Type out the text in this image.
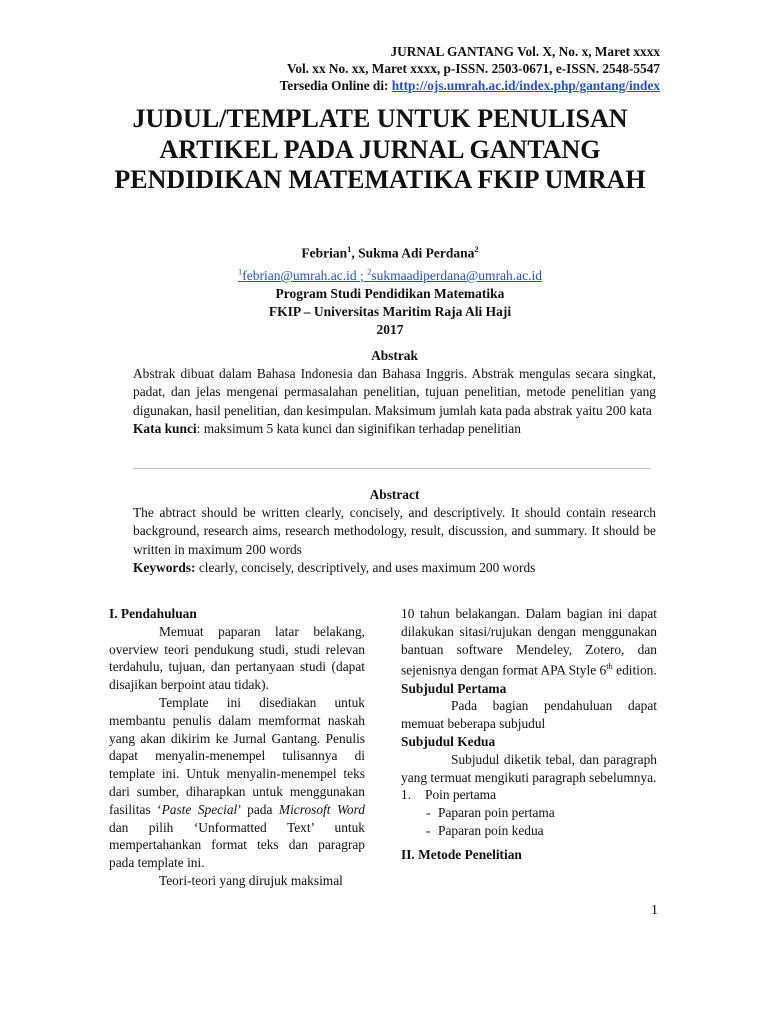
JURNAL GANTANG Vol. X, No. x, Maret xxxx
Vol. xx No. xx, Maret xxxx, p-ISSN. 2503-0671, e-ISSN. 2548-5547
Tersedia Online di: http://ojs.umrah.ac.id/index.php/gantang/index
JUDUL/TEMPLATE UNTUK PENULISAN ARTIKEL PADA JURNAL GANTANG PENDIDIKAN MATEMATIKA FKIP UMRAH
Febrian$^1$, Sukma Adi Perdana$^2$
$^1$febrian@umrah.ac.id ; $^2$sukmaadiperdana@umrah.ac.id
Program Studi Pendidikan Matematika
FKIP – Universitas Maritim Raja Ali Haji
2017
Abstrak
Abstrak dibuat dalam Bahasa Indonesia dan Bahasa Inggris. Abstrak mengulas secara singkat, padat, dan jelas mengenai permasalahan penelitian, tujuan penelitian, metode penelitian yang digunakan, hasil penelitian, dan kesimpulan. Maksimum jumlah kata pada abstrak yaitu 200 kata
Kata kunci: maksimum 5 kata kunci dan siginifikan terhadap penelitian
Abstract
The abtract should be written clearly, concisely, and descriptively. It should contain research background, research aims, research methodology, result, discussion, and summary. It should be written in maximum 200 words
Keywords: clearly, concisely, descriptively, and uses maximum 200 words
I. Pendahuluan

Memuat paparan latar belakang, overview teori pendukung studi, studi relevan terdahulu, tujuan, dan pertanyaan studi (dapat disajikan berpoint atau tidak).

Template ini disediakan untuk membantu penulis dalam memformat naskah yang akan dikirim ke Jurnal Gantang. Penulis dapat menyalin-menempel tulisannya di template ini. Untuk menyalin-menempel teks dari sumber, diharapkan untuk menggunakan fasilitas ‘Paste Special’ pada Microsoft Word dan pilih ‘Unformatted Text’ untuk mempertahankan format teks dan paragrap pada template ini.

Teori-teori yang dirujuk maksimal

10 tahun belakangan. Dalam bagian ini dapat dilakukan sitasi/rujukan dengan menggunakan bantuan software Mendeley, Zotero, dan sejenisnya dengan format APA Style 6th edition.

Subjudul Pertama

Pada bagian pendahuluan dapat memuat beberapa subjudul

Subjudul Kedua

Subjudul diketik tebal, dan paragraph yang termuat mengikuti paragraph sebelumnya.

1. Poin pertama
- Paparan poin pertama
- Paparan poin kedua
II. Metode Penelitian
1
